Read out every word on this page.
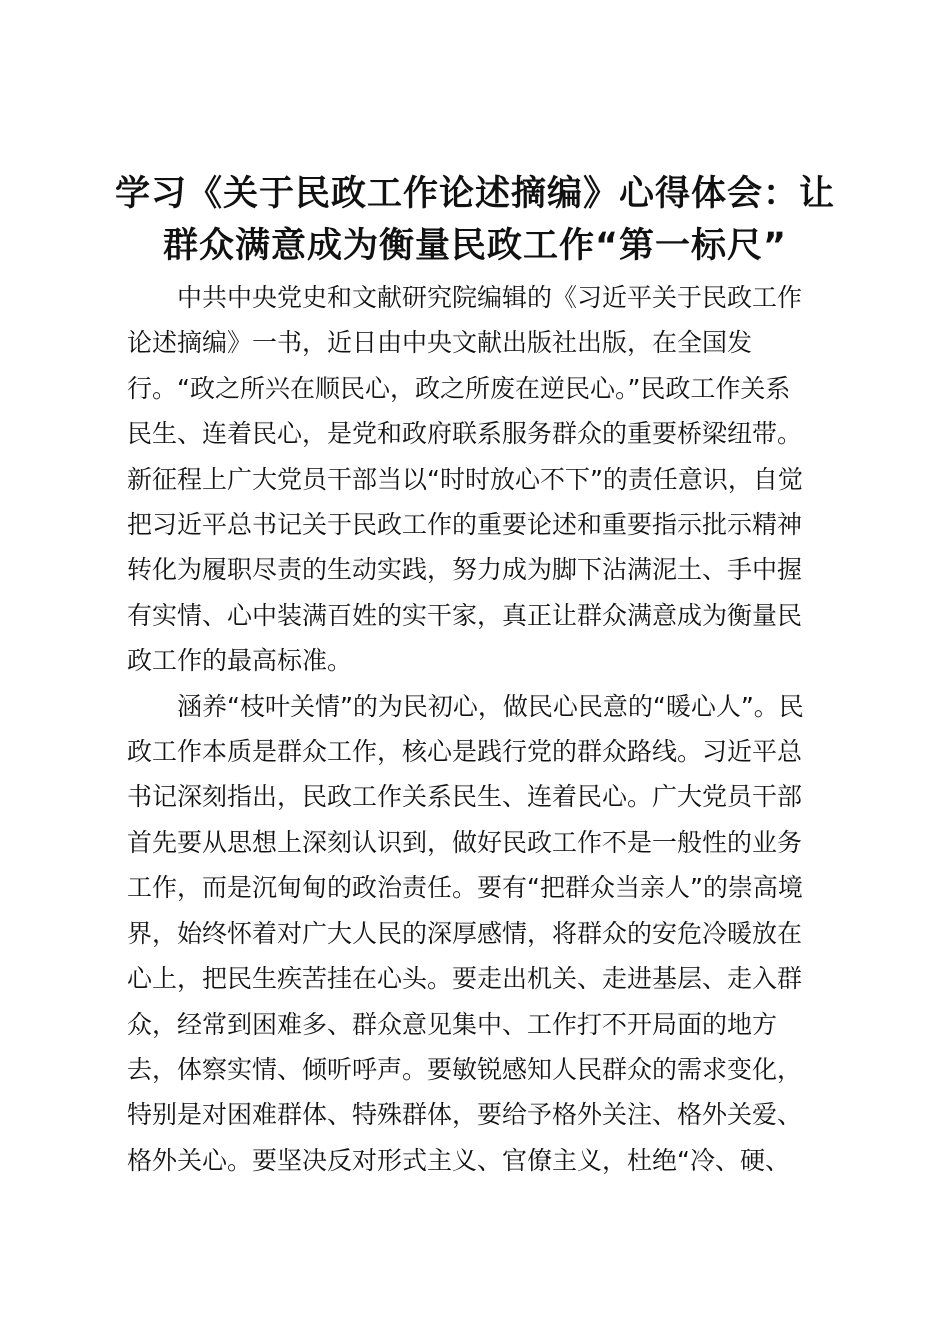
学习《关于民政工作论述摘编》心得体会：让
群众满意成为衡量民政工作“第一标尺”

中共中央党史和文献研究院编辑的《习近平关于民政工作
论述摘编》一书，近日由中央文献出版社出版，在全国发
行。“政之所兴在顺民心，政之所废在逆民心。”民政工作关系
民生、连着民心，是党和政府联系服务群众的重要桥梁纽带。
新征程上广大党员干部当以“时时放心不下”的责任意识，自觉
把习近平总书记关于民政工作的重要论述和重要指示批示精神
转化为履职尽责的生动实践，努力成为脚下沾满泥土、手中握
有实情、心中装满百姓的实干家，真正让群众满意成为衡量民
政工作的最高标准。

涵养“枝叶关情”的为民初心，做民心民意的“暖心人”。民
政工作本质是群众工作，核心是践行党的群众路线。习近平总
书记深刻指出，民政工作关系民生、连着民心。广大党员干部
首先要从思想上深刻认识到，做好民政工作不是一般性的业务
工作，而是沉甸甸的政治责任。要有“把群众当亲人”的崇高境
界，始终怀着对广大人民的深厚感情，将群众的安危冷暖放在
心上，把民生疾苦挂在心头。要走出机关、走进基层、走入群
众，经常到困难多、群众意见集中、工作打不开局面的地方
去，体察实情、倾听呼声。要敏锐感知人民群众的需求变化，
特别是对困难群体、特殊群体，要给予格外关注、格外关爱、
格外关心。要坚决反对形式主义、官僚主义，杜绝“冷、硬、
